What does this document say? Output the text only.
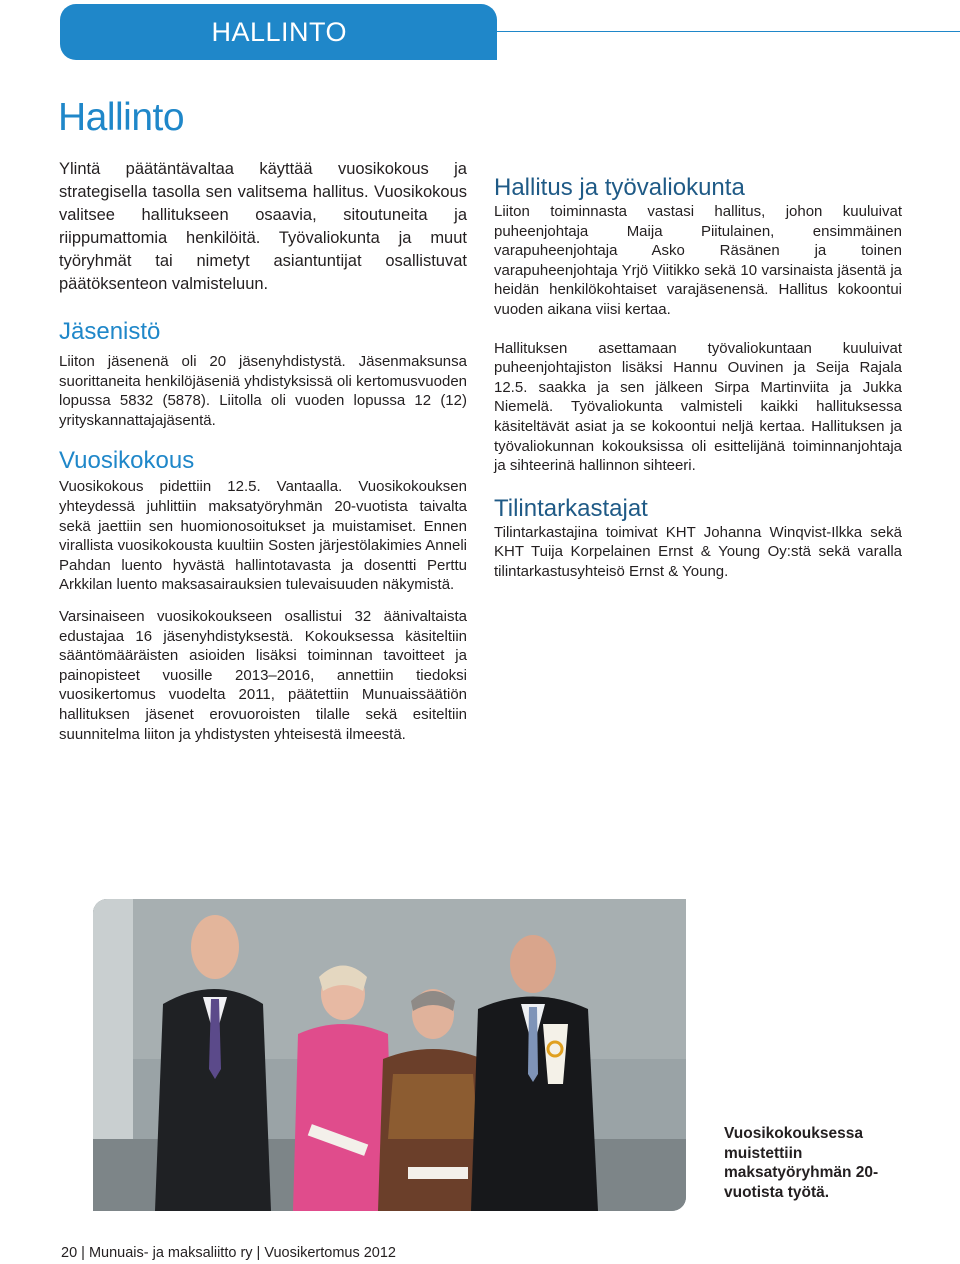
HALLINTO
Hallinto

Ylintä päätäntävaltaa käyttää vuosikokous ja strategisella tasolla sen valitsema hallitus. Vuosikokous valitsee hallitukseen osaavia, sitoutuneita ja riippumattomia henkilöitä. Työvaliokunta ja muut työryhmät tai nimetyt asiantuntijat osallistuvat päätöksenteon valmisteluun.

Jäsenistö

Liiton jäsenenä oli 20 jäsenyhdistystä. Jäsenmaksunsa suorittaneita henkilöjäseniä yhdistyksissä oli kertomusvuoden lopussa 5832 (5878). Liitolla oli vuoden lopussa 12 (12) yrityskannattajajäsentä.

Vuosikokous

Vuosikokous pidettiin 12.5. Vantaalla. Vuosikokouksen yhteydessä juhlittiin maksatyöryhmän 20-vuotista taivalta sekä jaettiin sen huomionosoitukset ja muistamiset. Ennen virallista vuosikokousta kuultiin Sosten järjestölakimies Anneli Pahdan luento hyvästä hallintotavasta ja dosentti Perttu Arkkilan luento maksasairauksien tulevaisuuden näkymistä.

Varsinaiseen vuosikokoukseen osallistui 32 äänivaltaista edustajaa 16 jäsenyhdistyksestä. Kokouksessa käsiteltiin sääntömääräisten asioiden lisäksi toiminnan tavoitteet ja painopisteet vuosille 2013–2016, annettiin tiedoksi vuosikertomus vuodelta 2011, päätettiin Munuaissäätiön hallituksen jäsenet erovuoroisten tilalle sekä esiteltiin suunnitelma liiton ja yhdistysten yhteisestä ilmeestä.

Hallitus ja työvaliokunta

Liiton toiminnasta vastasi hallitus, johon kuuluivat puheenjohtaja Maija Piitulainen, ensimmäinen varapuheenjohtaja Asko Räsänen ja toinen varapuheenjohtaja Yrjö Viitikko sekä 10 varsinaista jäsentä ja heidän henkilökohtaiset varajäsenensä. Hallitus kokoontui vuoden aikana viisi kertaa.

Hallituksen asettamaan työvaliokuntaan kuuluivat puheenjohtajiston lisäksi Hannu Ouvinen ja Seija Rajala 12.5. saakka ja sen jälkeen Sirpa Martinviita ja Jukka Niemelä. Työvaliokunta valmisteli kaikki hallituksessa käsiteltävät asiat ja se kokoontui neljä kertaa. Hallituksen ja työvaliokunnan kokouksissa oli esittelijänä toiminnanjohtaja ja sihteerinä hallinnon sihteeri.

Tilintarkastajat

Tilintarkastajina toimivat KHT Johanna Winqvist-Ilkka sekä KHT Tuija Korpelainen Ernst & Young Oy:stä sekä varalla tilintarkastusyhteisö Ernst & Young.

Vuosikokouksessa muistettiin maksatyöryhmän 20-vuotista työtä.

20 | Munuais- ja maksaliitto ry | Vuosikertomus 2012
